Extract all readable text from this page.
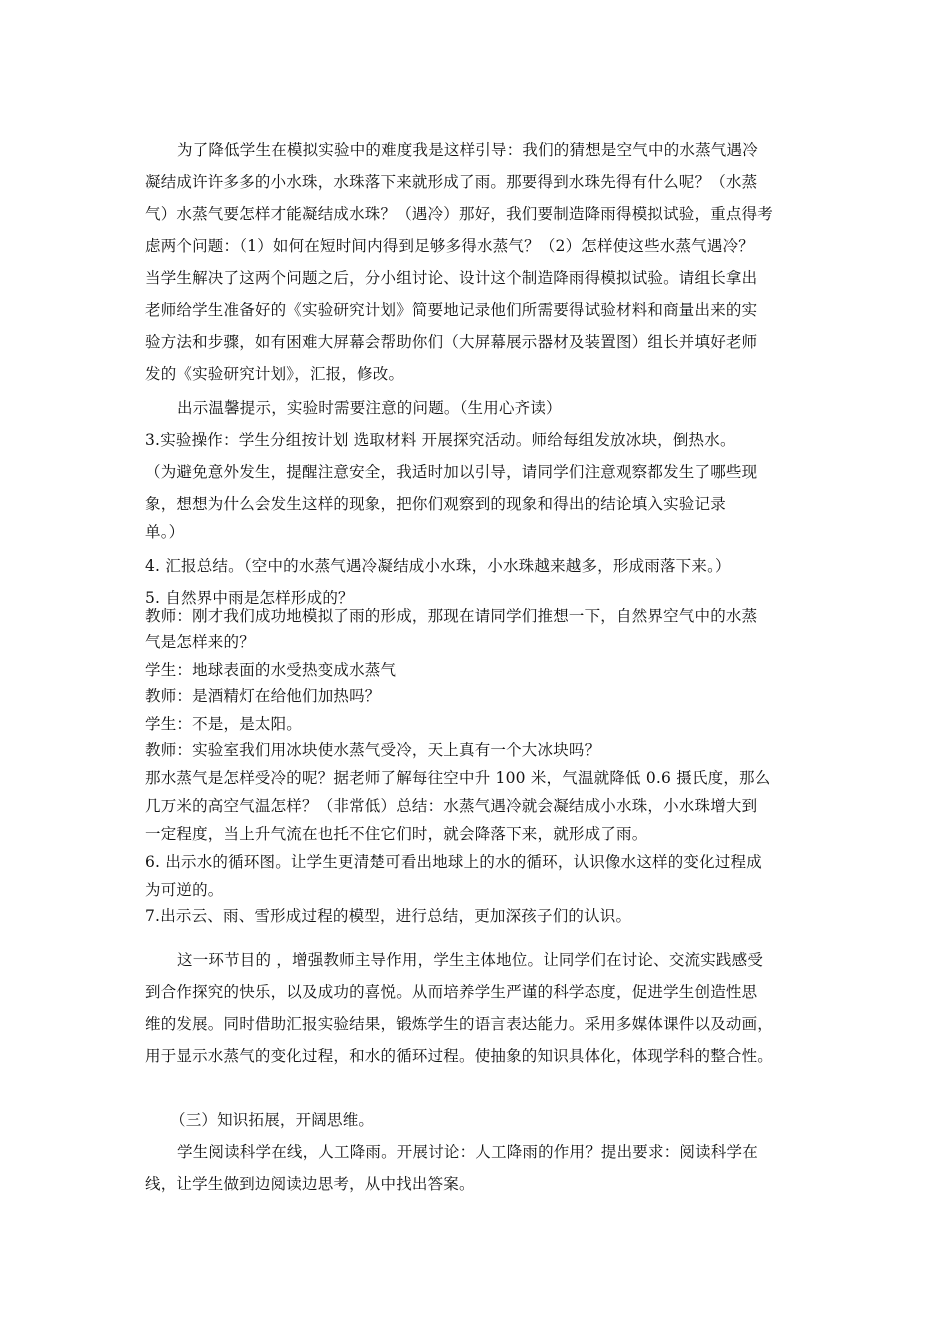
为了降低学生在模拟实验中的难度我是这样引导：我们的猜想是空气中的水蒸气遇冷
凝结成许许多多的小水珠，水珠落下来就形成了雨。那要得到水珠先得有什么呢？（水蒸
气）水蒸气要怎样才能凝结成水珠？（遇冷）那好，我们要制造降雨得模拟试验，重点得考
虑两个问题：（1）如何在短时间内得到足够多得水蒸气？（2）怎样使这些水蒸气遇冷？
当学生解决了这两个问题之后，分小组讨论、设计这个制造降雨得模拟试验。请组长拿出
老师给学生准备好的《实验研究计划》简要地记录他们所需要得试验材料和商量出来的实
验方法和步骤，如有困难大屏幕会帮助你们（大屏幕展示器材及装置图）组长并填好老师
发的《实验研究计划》，汇报，修改。
出示温馨提示，实验时需要注意的问题。（生用心齐读）
3.实验操作：学生分组按计划 选取材料 开展探究活动。师给每组发放冰块，倒热水。
（为避免意外发生，提醒注意安全，我适时加以引导，请同学们注意观察都发生了哪些现
象，想想为什么会发生这样的现象，把你们观察到的现象和得出的结论填入实验记录
单。）
4. 汇报总结。（空中的水蒸气遇冷凝结成小水珠，小水珠越来越多，形成雨落下来。）
5. 自然界中雨是怎样形成的？
教师：刚才我们成功地模拟了雨的形成，那现在请同学们推想一下，自然界空气中的水蒸
气是怎样来的？
学生：地球表面的水受热变成水蒸气
教师：是酒精灯在给他们加热吗？
学生：不是，是太阳。
教师：实验室我们用冰块使水蒸气受冷，天上真有一个大冰块吗？
那水蒸气是怎样受冷的呢？据老师了解每往空中升 100 米，气温就降低 0.6 摄氏度，那么
几万米的高空气温怎样？（非常低）总结：水蒸气遇冷就会凝结成小水珠，小水珠增大到
一定程度，当上升气流在也托不住它们时，就会降落下来，就形成了雨。
6. 出示水的循环图。让学生更清楚可看出地球上的水的循环，认识像水这样的变化过程成
为可逆的。
7.出示云、雨、雪形成过程的模型，进行总结，更加深孩子们的认识。
这一环节目的 ，增强教师主导作用，学生主体地位。让同学们在讨论、交流实践感受
到合作探究的快乐，以及成功的喜悦。从而培养学生严谨的科学态度，促进学生创造性思
维的发展。同时借助汇报实验结果，锻炼学生的语言表达能力。采用多媒体课件以及动画，
用于显示水蒸气的变化过程，和水的循环过程。使抽象的知识具体化，体现学科的整合性。
（三）知识拓展，开阔思维。
学生阅读科学在线，人工降雨。开展讨论：人工降雨的作用？提出要求：阅读科学在
线，让学生做到边阅读边思考，从中找出答案。
